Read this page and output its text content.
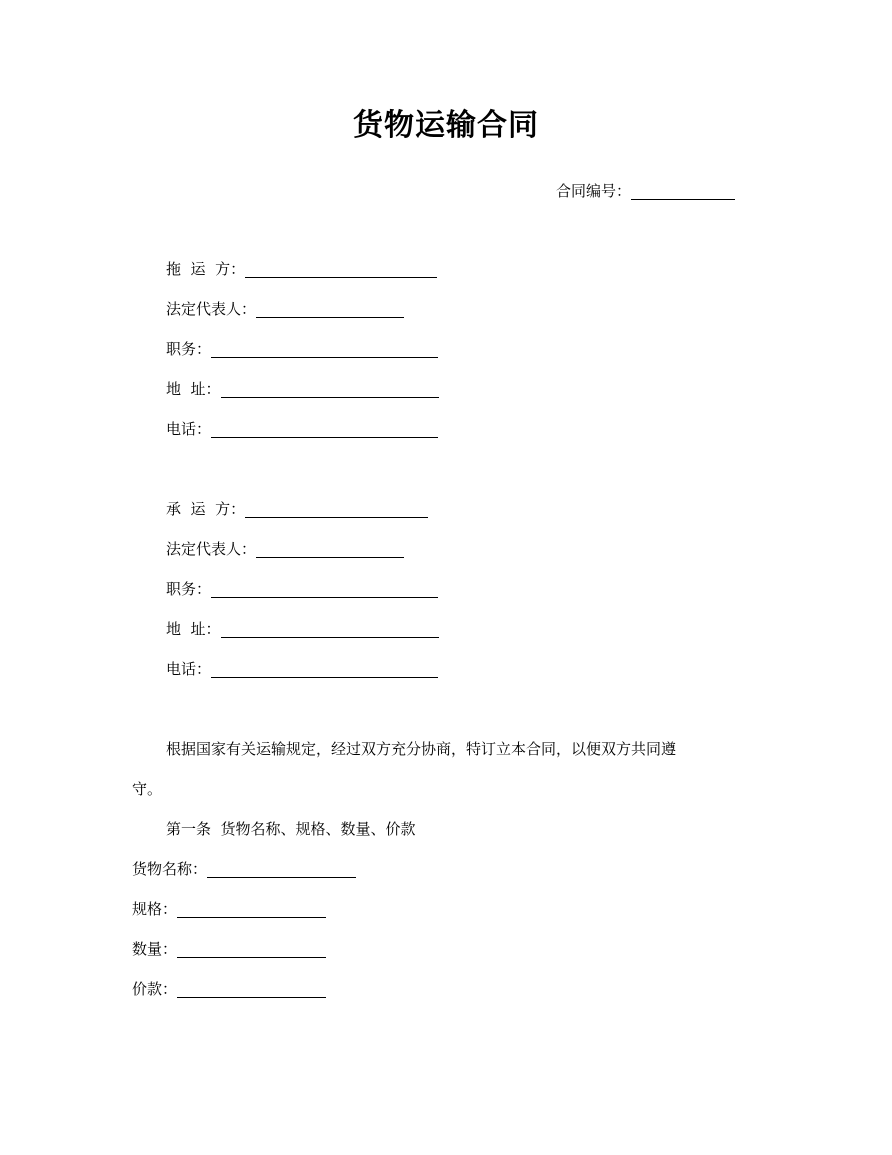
货物运输合同
合同编号：
拖  运  方：
法定代表人：
职务：
地  址：
电话：
承  运  方：
法定代表人：
职务：
地  址：
电话：
根据国家有关运输规定，经过双方充分协商，特订立本合同，以便双方共同遵
守。
第一条  货物名称、规格、数量、价款
货物名称：
规格：
数量：
价款：
